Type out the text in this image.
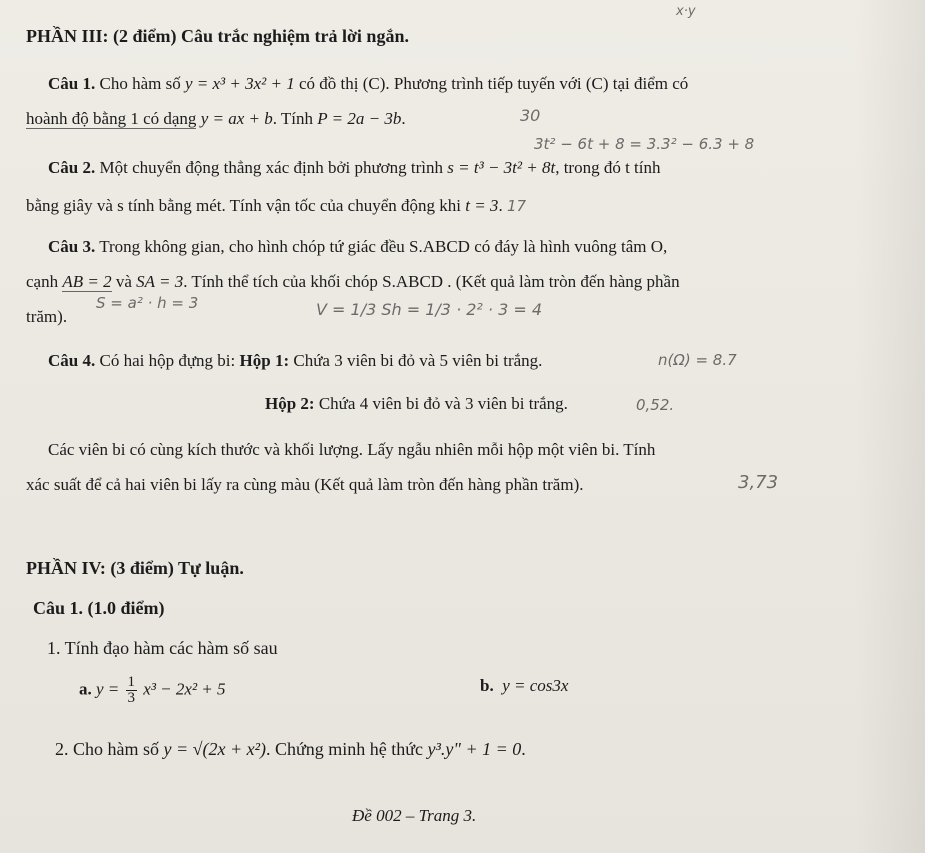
x·y
PHẦN III: (2 điểm) Câu trắc nghiệm trả lời ngắn.
Câu 1. Cho hàm số y = x³ + 3x² + 1 có đồ thị (C). Phương trình tiếp tuyến với (C) tại điểm có
hoành độ bằng 1 có dạng y = ax + b. Tính P = 2a − 3b.	30
3t² − 6t + 8 = 3.3² − 6.3 + 8
Câu 2. Một chuyển động thẳng xác định bởi phương trình s = t³ − 3t² + 8t, trong đó t tính
bằng giây và s tính bằng mét. Tính vận tốc của chuyển động khi t = 3. 17
Câu 3. Trong không gian, cho hình chóp tứ giác đều S.ABCD có đáy là hình vuông tâm O,
cạnh AB = 2 và SA = 3. Tính thể tích của khối chóp S.ABCD . (Kết quả làm tròn đến hàng phần
trăm).
S = a² · h = 3	V = 1/3 Sh = 1/3 · 2² · 3 = 4
Câu 4. Có hai hộp đựng bi: Hộp 1: Chứa 3 viên bi đỏ và 5 viên bi trắng.	n(Ω) = 8.7
Hộp 2: Chứa 4 viên bi đỏ và 3 viên bi trắng.	0,52.
Các viên bi có cùng kích thước và khối lượng. Lấy ngẫu nhiên mỗi hộp một viên bi. Tính
xác suất để cả hai viên bi lấy ra cùng màu (Kết quả làm tròn đến hàng phần trăm).	3,73
PHẦN IV: (3 điểm) Tự luận.
Câu 1. (1.0 điểm)
1. Tính đạo hàm các hàm số sau
a. $y = \frac{1}{3} x^3 - 2x^2 + 5$	b. y = cos3x
2. Cho hàm số y = √(2x + x²). Chứng minh hệ thức y³.y" + 1 = 0.
Đề 002 – Trang 3.
